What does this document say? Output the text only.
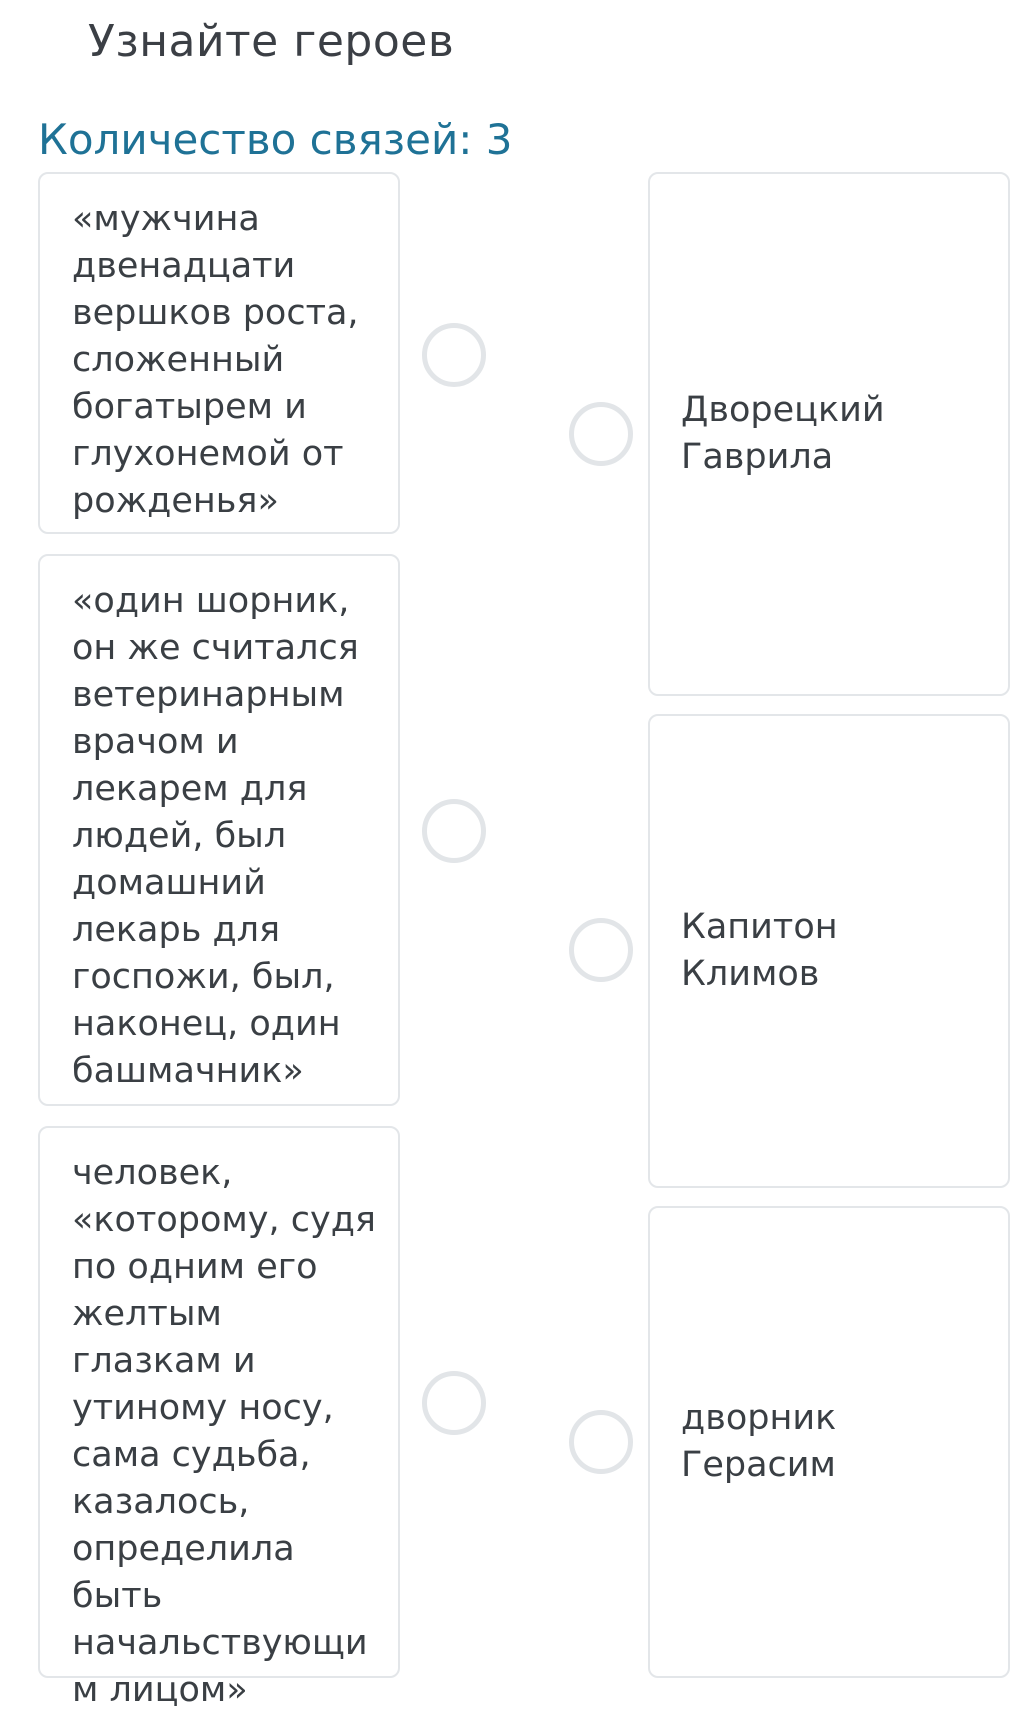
Узнайте героев
Количество связей: 3
«мужчина двенадцати вершков роста, сложенный богатырем и глухонемой от рожденья»
«один шорник, он же считался ветеринарным врачом и лекарем для людей, был домашний лекарь для госпожи, был, наконец, один башмачник»
человек, «которому, судя по одним его желтым глазкам и утиному носу, сама судьба, казалось, определила быть начальствующим лицом»
Дворецкий Гаврила
Капитон Климов
дворник Герасим
